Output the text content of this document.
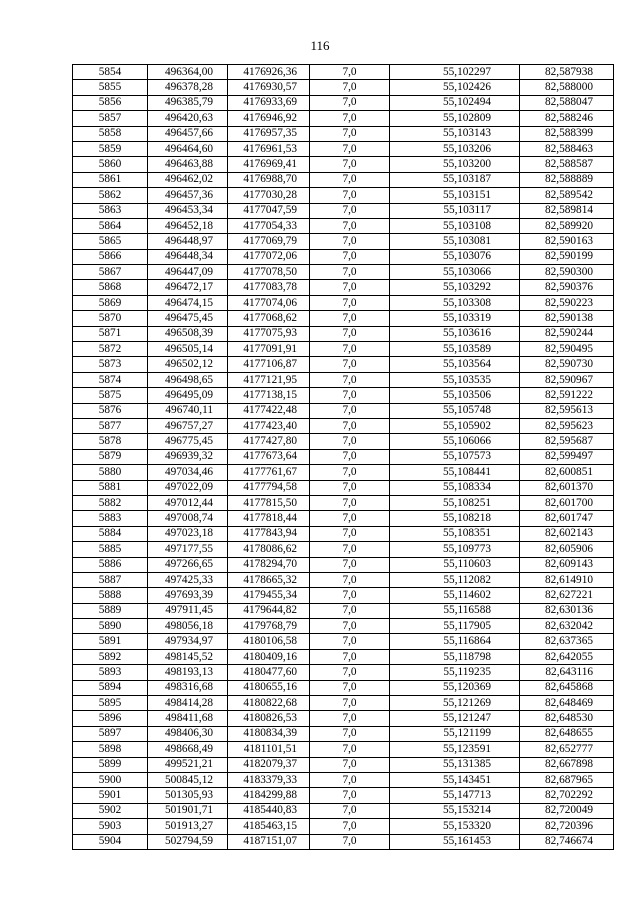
116
5854	496364,00	4176926,36	7,0	55,102297	82,587938
5855	496378,28	4176930,57	7,0	55,102426	82,588000
5856	496385,79	4176933,69	7,0	55,102494	82,588047
5857	496420,63	4176946,92	7,0	55,102809	82,588246
5858	496457,66	4176957,35	7,0	55,103143	82,588399
5859	496464,60	4176961,53	7,0	55,103206	82,588463
5860	496463,88	4176969,41	7,0	55,103200	82,588587
5861	496462,02	4176988,70	7,0	55,103187	82,588889
5862	496457,36	4177030,28	7,0	55,103151	82,589542
5863	496453,34	4177047,59	7,0	55,103117	82,589814
5864	496452,18	4177054,33	7,0	55,103108	82,589920
5865	496448,97	4177069,79	7,0	55,103081	82,590163
5866	496448,34	4177072,06	7,0	55,103076	82,590199
5867	496447,09	4177078,50	7,0	55,103066	82,590300
5868	496472,17	4177083,78	7,0	55,103292	82,590376
5869	496474,15	4177074,06	7,0	55,103308	82,590223
5870	496475,45	4177068,62	7,0	55,103319	82,590138
5871	496508,39	4177075,93	7,0	55,103616	82,590244
5872	496505,14	4177091,91	7,0	55,103589	82,590495
5873	496502,12	4177106,87	7,0	55,103564	82,590730
5874	496498,65	4177121,95	7,0	55,103535	82,590967
5875	496495,09	4177138,15	7,0	55,103506	82,591222
5876	496740,11	4177422,48	7,0	55,105748	82,595613
5877	496757,27	4177423,40	7,0	55,105902	82,595623
5878	496775,45	4177427,80	7,0	55,106066	82,595687
5879	496939,32	4177673,64	7,0	55,107573	82,599497
5880	497034,46	4177761,67	7,0	55,108441	82,600851
5881	497022,09	4177794,58	7,0	55,108334	82,601370
5882	497012,44	4177815,50	7,0	55,108251	82,601700
5883	497008,74	4177818,44	7,0	55,108218	82,601747
5884	497023,18	4177843,94	7,0	55,108351	82,602143
5885	497177,55	4178086,62	7,0	55,109773	82,605906
5886	497266,65	4178294,70	7,0	55,110603	82,609143
5887	497425,33	4178665,32	7,0	55,112082	82,614910
5888	497693,39	4179455,34	7,0	55,114602	82,627221
5889	497911,45	4179644,82	7,0	55,116588	82,630136
5890	498056,18	4179768,79	7,0	55,117905	82,632042
5891	497934,97	4180106,58	7,0	55,116864	82,637365
5892	498145,52	4180409,16	7,0	55,118798	82,642055
5893	498193,13	4180477,60	7,0	55,119235	82,643116
5894	498316,68	4180655,16	7,0	55,120369	82,645868
5895	498414,28	4180822,68	7,0	55,121269	82,648469
5896	498411,68	4180826,53	7,0	55,121247	82,648530
5897	498406,30	4180834,39	7,0	55,121199	82,648655
5898	498668,49	4181101,51	7,0	55,123591	82,652777
5899	499521,21	4182079,37	7,0	55,131385	82,667898
5900	500845,12	4183379,33	7,0	55,143451	82,687965
5901	501305,93	4184299,88	7,0	55,147713	82,702292
5902	501901,71	4185440,83	7,0	55,153214	82,720049
5903	501913,27	4185463,15	7,0	55,153320	82,720396
5904	502794,59	4187151,07	7,0	55,161453	82,746674
